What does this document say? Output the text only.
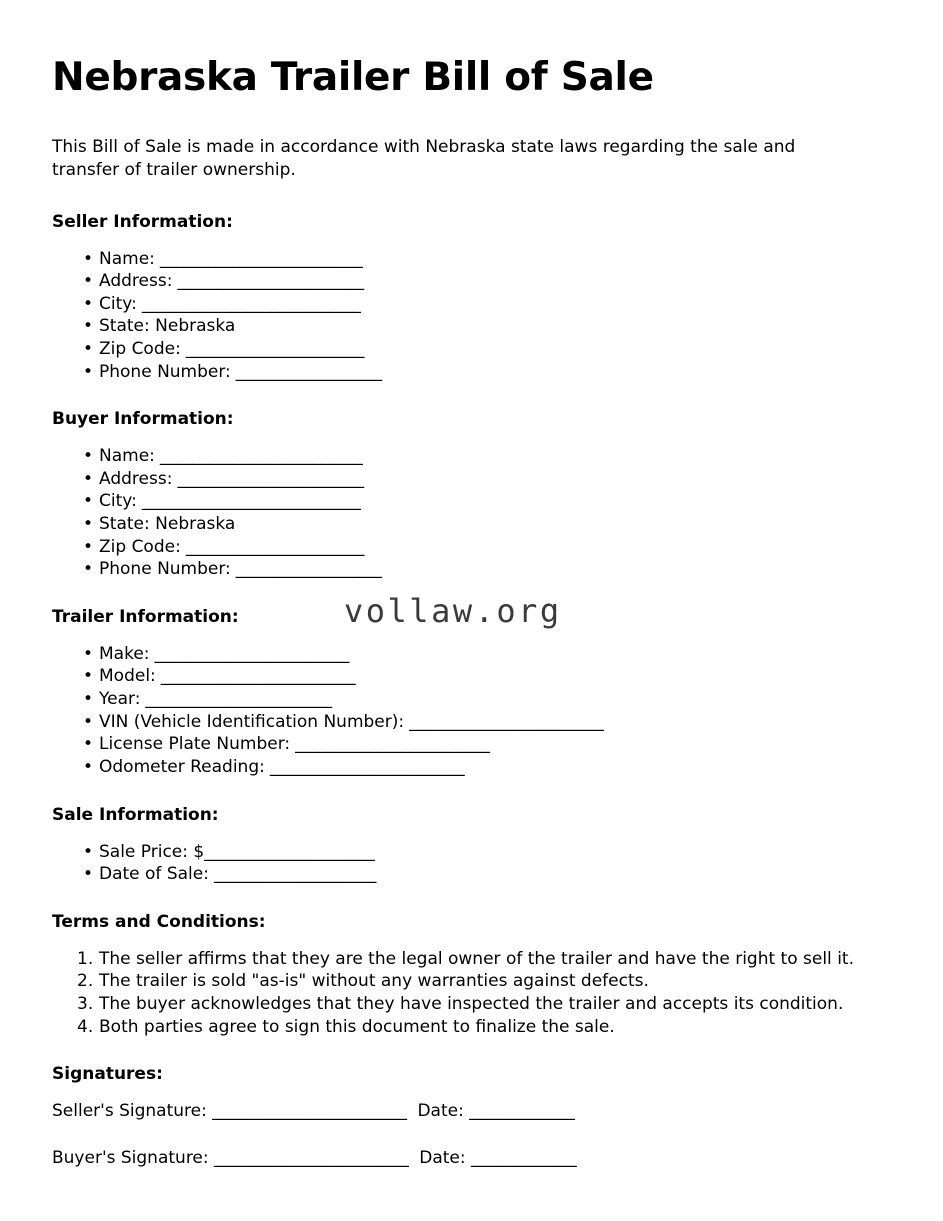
Nebraska Trailer Bill of Sale

This Bill of Sale is made in accordance with Nebraska state laws regarding the sale and transfer of trailer ownership.

Seller Information:
• Name: _________________________
• Address: _______________________
• City: ___________________________
• State: Nebraska
• Zip Code: ______________________
• Phone Number: __________________
Buyer Information:
• Name: _________________________
• Address: _______________________
• City: ___________________________
• State: Nebraska
• Zip Code: ______________________
• Phone Number: __________________
Trailer Information:
• Make: ________________________
• Model: ________________________
• Year: _______________________
• VIN (Vehicle Identification Number): ________________________
• License Plate Number: ________________________
• Odometer Reading: ________________________
Sale Information:
• Sale Price: $_____________________
• Date of Sale: ____________________
Terms and Conditions:
The seller affirms that they are the legal owner of the trailer and have the right to sell it.
The trailer is sold "as-is" without any warranties against defects.
The buyer acknowledges that they have inspected the trailer and accepts its condition.
Both parties agree to sign this document to finalize the sale.
Signatures:
Seller's Signature: ________________________  Date: _____________
Buyer's Signature: ________________________  Date: _____________
vollaw.org
